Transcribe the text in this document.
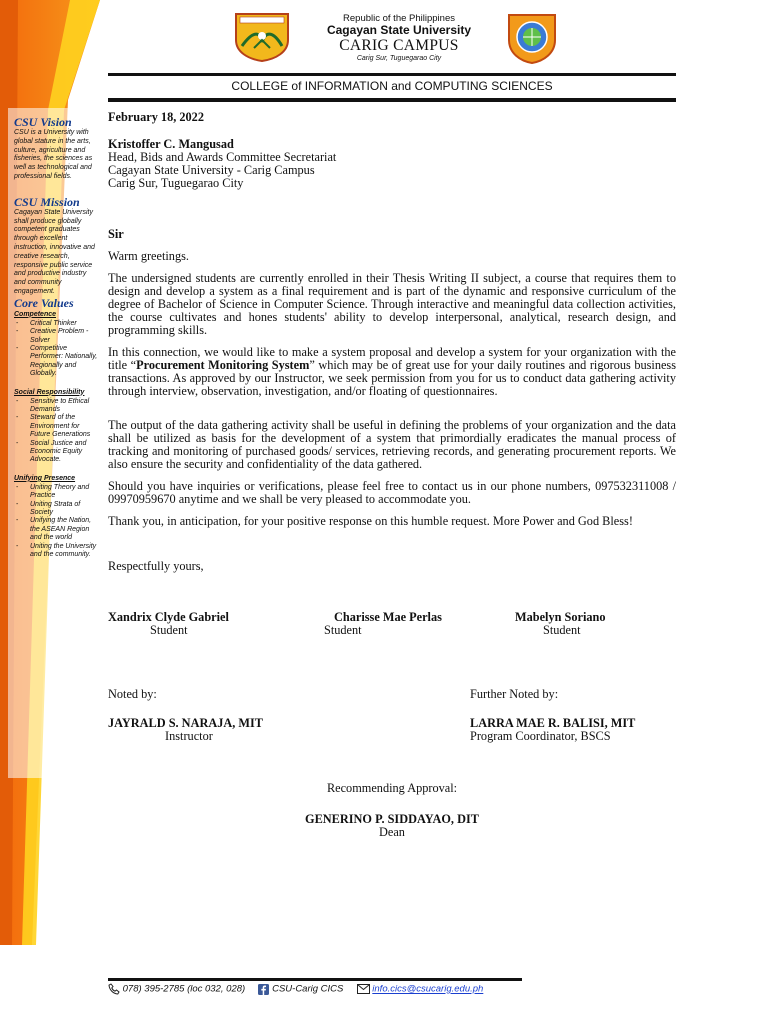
CSU Vision
CSU is a University with global stature in the arts, culture, agriculture and fisheries, the sciences as well as technological and professional fields.
CSU Mission
Cagayan State University shall produce globally competent graduates through excellent instruction, innovative and creative research, responsive public service and productive industry and community engagement.
Core Values
Competence
- Critical Thinker
- Creative Problem - Solver
- Competitive Performer: Nationally, Regionally and Globally.
Social Responsibility
- Sensitive to Ethical Demands
- Steward of the Environment for Future Generations
- Social Justice and Economic Equity Advocate.
Unifying Presence
- Uniting Theory and Practice
- Uniting Strata of Society
- Unifying the Nation, the ASEAN Region and the world
- Uniting the University and the community.
Republic of the Philippines
Cagayan State University
CARIG CAMPUS
Carig Sur, Tuguegarao City
COLLEGE of INFORMATION and COMPUTING SCIENCES
February 18, 2022
Kristoffer C. Mangusad
Head, Bids and Awards Committee Secretariat
Cagayan State University - Carig Campus
Carig Sur, Tuguegarao City
Sir
Warm greetings.
The undersigned students are currently enrolled in their Thesis Writing II subject, a course that requires them to design and develop a system as a final requirement and is part of the dynamic and responsive curriculum of the degree of Bachelor of Science in Computer Science. Through interactive and meaningful data collection activities, the course cultivates and hones students' ability to develop interpersonal, analytical, research design, and programming skills.
In this connection, we would like to make a system proposal and develop a system for your organization with the title “Procurement Monitoring System” which may be of great use for your daily routines and rigorous business transactions. As approved by our Instructor, we seek permission from you for us to conduct data gathering activity through interview, observation, investigation, and/or floating of questionnaires.
The output of the data gathering activity shall be useful in defining the problems of your organization and the data shall be utilized as basis for the development of a system that primordially eradicates the manual process of tracking and monitoring of purchased goods/ services, retrieving records, and generating procurement reports. We also ensure the security and confidentiality of the data gathered.
Should you have inquiries or verifications, please feel free to contact us in our phone numbers, 097532311008 / 09970959670 anytime and we shall be very pleased to accommodate you.
Thank you, in anticipation, for your positive response on this humble request. More Power and God Bless!
Respectfully yours,
Xandrix Clyde Gabriel
Student
Charisse Mae Perlas
Student
Mabelyn Soriano
Student
Noted by:
JAYRALD S. NARAJA, MIT
Instructor
Further Noted by:
LARRA MAE R. BALISI, MIT
Program Coordinator, BSCS
Recommending Approval:
GENERINO P. SIDDAYAO, DIT
Dean
078) 395-2785 (loc 032, 028)	CSU-Carig CICS	info.cics@csucarig.edu.ph
